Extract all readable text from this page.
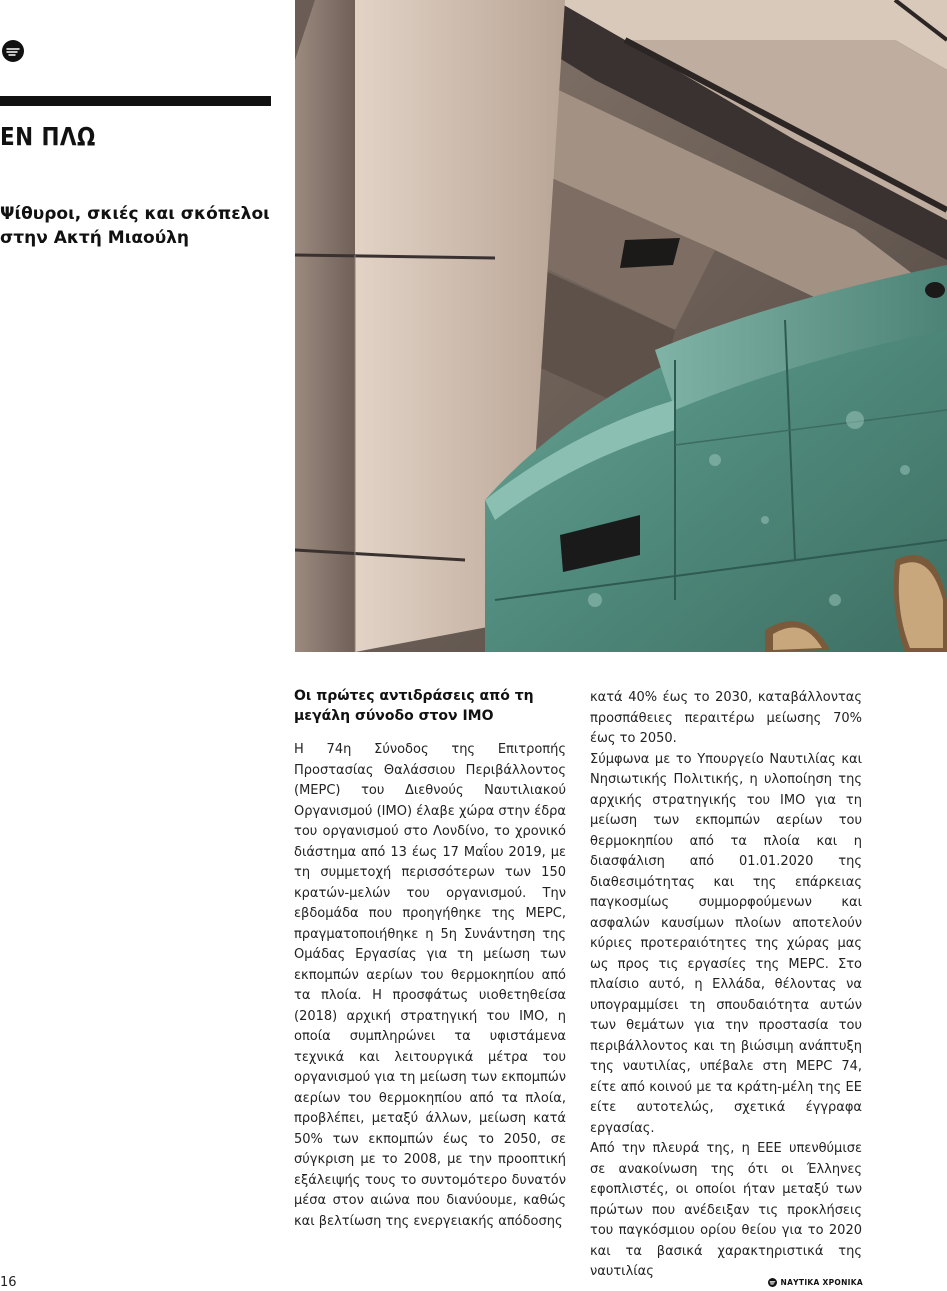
ΕΝ ΠΛΩ
Ψίθυροι, σκιές και σκόπελοι στην Ακτή Μιαούλη
Οι πρώτες αντιδράσεις από τη μεγάλη σύνοδο στον IMO

Η 74η Σύνοδος της Επιτροπής Προστασίας Θαλάσσιου Περιβάλλοντος (MEPC) του Διεθνούς Ναυτιλιακού Οργανισμού (IMO) έλαβε χώρα στην έδρα του οργανισμού στο Λονδίνο, το χρονικό διάστημα από 13 έως 17 Μαΐου 2019, με τη συμμετοχή περισσότερων των 150 κρατών-μελών του οργανισμού. Την εβδομάδα που προηγήθηκε της MEPC, πραγματοποιήθηκε η 5η Συνάντηση της Ομάδας Εργασίας για τη μείωση των εκπομπών αερίων του θερμοκηπίου από τα πλοία. Η προσφάτως υιοθετηθείσα (2018) αρχική στρατηγική του IMO, η οποία συμπληρώνει τα υφιστάμενα τεχνικά και λειτουργικά μέτρα του οργανισμού για τη μείωση των εκπομπών αερίων του θερμοκηπίου από τα πλοία, προβλέπει, μεταξύ άλλων, μείωση κατά 50% των εκπομπών έως το 2050, σε σύγκριση με το 2008, με την προοπτική εξάλειψής τους το συντομότερο δυνατόν μέσα στον αιώνα που διανύουμε, καθώς και βελτίωση της ενεργειακής απόδοσης

κατά 40% έως το 2030, καταβάλλοντας προσπάθειες περαιτέρω μείωσης 70% έως το 2050.

Σύμφωνα με το Υπουργείο Ναυτιλίας και Νησιωτικής Πολιτικής, η υλοποίηση της αρχικής στρατηγικής του IMO για τη μείωση των εκπομπών αερίων του θερμοκηπίου από τα πλοία και η διασφάλιση από 01.01.2020 της διαθεσιμότητας και της επάρκειας παγκοσμίως συμμορφούμενων και ασφαλών καυσίμων πλοίων αποτελούν κύριες προτεραιότητες της χώρας μας ως προς τις εργασίες της MEPC. Στο πλαίσιο αυτό, η Ελλάδα, θέλοντας να υπογραμμίσει τη σπουδαιότητα αυτών των θεμάτων για την προστασία του περιβάλλοντος και τη βιώσιμη ανάπτυξη της ναυτιλίας, υπέβαλε στη MEPC 74, είτε από κοινού με τα κράτη-μέλη της ΕΕ είτε αυτοτελώς, σχετικά έγγραφα εργασίας.

Από την πλευρά της, η ΕΕΕ υπενθύμισε σε ανακοίνωση της ότι οι Έλληνες εφοπλιστές, οι οποίοι ήταν μεταξύ των πρώτων που ανέδειξαν τις προκλήσεις του παγκόσμιου ορίου θείου για το 2020 και τα βασικά χαρακτηριστικά της ναυτιλίας

16	ΝΑΥΤΙΚΑ ΧΡΟΝΙΚΑ
